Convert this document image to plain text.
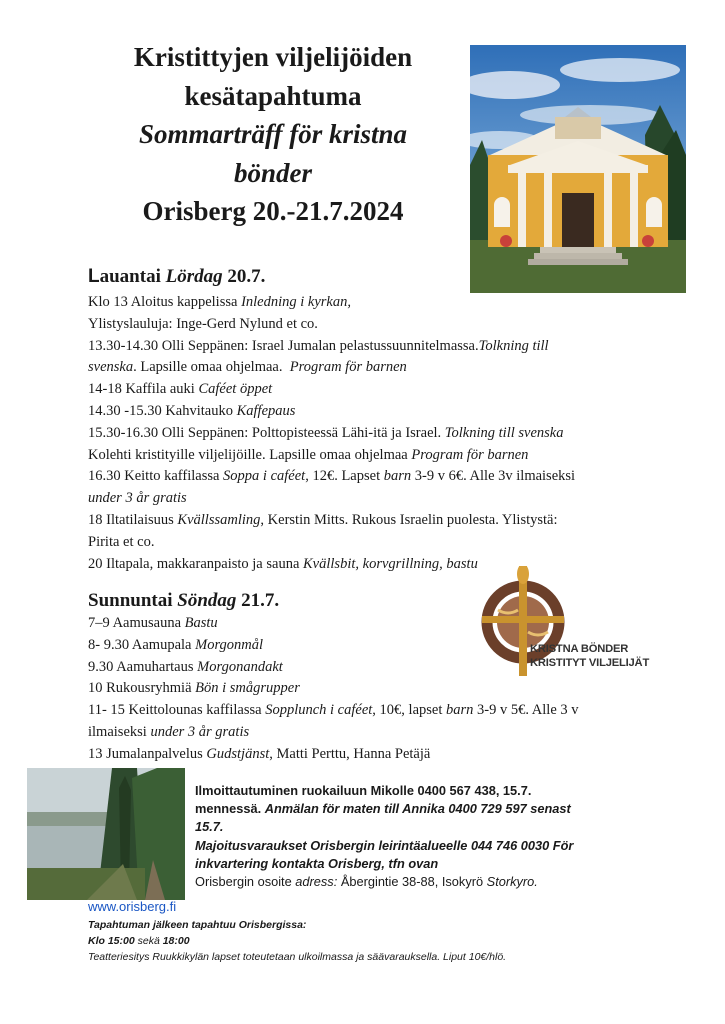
Kristittyjen viljelijöiden
kesätapahtuma
Sommarträff för kristna
bönder
Orisberg 20.-21.7.2024
Lauantai Lördag 20.7.

Klo 13 Aloitus kappelissa Inledning i kyrkan,

Ylistyslauluja: Inge-Gerd Nylund et co.

13.30-14.30 Olli Seppänen: Israel Jumalan pelastussuunnitelmassa.Tolkning till

svenska. Lapsille omaa ohjelmaa. Program för barnen

14-18 Kaffila auki Caféet öppet

14.30 -15.30 Kahvitauko Kaffepaus

15.30-16.30 Olli Seppänen: Polttopisteessä Lähi-itä ja Israel. Tolkning till svenska

Kolehti kristityille viljelijöille. Lapsille omaa ohjelmaa Program för barnen

16.30 Keitto kaffilassa Soppa i caféet, 12€. Lapset barn 3-9 v 6€. Alle 3v ilmaiseksi

under 3 år gratis

18 Iltatilaisuus Kvällssamling, Kerstin Mitts. Rukous Israelin puolesta. Ylistystä:

Pirita et co.

20 Iltapala, makkaranpaisto ja sauna Kvällsbit, korvgrillning, bastu

Sunnuntai Söndag 21.7.

7–9 Aamusauna Bastu

8- 9.30 Aamupala Morgonmål

9.30 Aamuhartaus Morgonandakt

10 Rukousryhmiä Bön i smågrupper

11- 15 Keittolounas kaffilassa Sopplunch i caféet, 10€, lapset barn 3-9 v 5€. Alle 3 v

ilmaiseksi under 3 år gratis

13 Jumalanpalvelus Gudstjänst, Matti Perttu, Hanna Petäjä

KRISTNA BÖNDER
KRISTITYT VILJELIJÄT

Ilmoittautuminen ruokailuun Mikolle 0400 567 438, 15.7.

mennessä. Anmälan för maten till Annika 0400 729 597 senast

15.7.

Majoitusvaraukset Orisbergin leirintäalueelle 044 746 0030 För

inkvartering kontakta Orisberg, tfn ovan

Orisbergin osoite adress: Åbergintie 38-88, Isokyrö Storkyro.

www.orisberg.fi

Tapahtuman jälkeen tapahtuu Orisbergissa:

Klo 15:00 sekä 18:00

Teatteriesitys Ruukkikylän lapset toteutetaan ulkoilmassa ja säävarauksella. Liput 10€/hlö.
